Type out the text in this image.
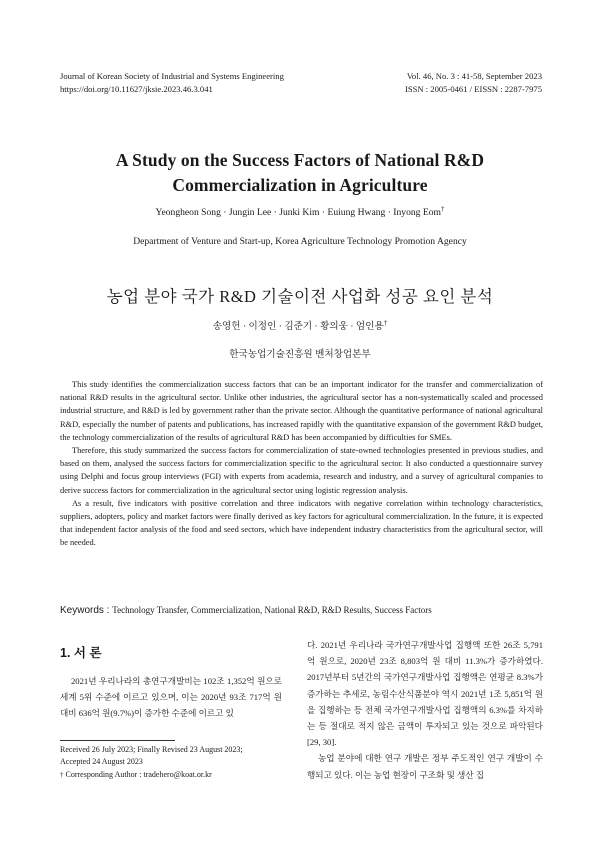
Journal of Korean Society of Industrial and Systems Engineering
https://doi.org/10.11627/jksie.2023.46.3.041
Vol. 46, No. 3 : 41-58, September 2023
ISSN : 2005-0461 / EISSN : 2287-7975
A Study on the Success Factors of National R&D
Commercialization in Agriculture
Yeongheon Song · Jungin Lee · Junki Kim · Euiung Hwang · Inyong Eom†
Department of Venture and Start-up, Korea Agriculture Technology Promotion Agency
농업 분야 국가 R&D 기술이전 사업화 성공 요인 분석
송영헌 · 이정인 · 김준기 · 황의웅 · 엄인용†
한국농업기술진흥원 벤처창업본부

This study identifies the commercialization success factors that can be an important indicator for the transfer and commercialization of national R&D results in the agricultural sector. Unlike other industries, the agricultural sector has a non-systematically scaled and processed industrial structure, and R&D is led by government rather than the private sector. Although the quantitative performance of national agricultural R&D, especially the number of patents and publications, has increased rapidly with the quantitative expansion of the government R&D budget, the technology commercialization of the results of agricultural R&D has been accompanied by difficulties for SMEs.

Therefore, this study summarized the success factors for commercialization of state-owned technologies presented in previous studies, and based on them, analysed the success factors for commercialization specific to the agricultural sector. It also conducted a questionnaire survey using Delphi and focus group interviews (FGI) with experts from academia, research and industry, and a survey of agricultural companies to derive success factors for commercialization in the agricultural sector using logistic regression analysis.

As a result, five indicators with positive correlation and three indicators with negative correlation within technology characteristics, suppliers, adopters, policy and market factors were finally derived as key factors for agricultural commercialization. In the future, it is expected that independent factor analysis of the food and seed sectors, which have independent industry characteristics from the agricultural sector, will be needed.

Keywords : Technology Transfer, Commercialization, National R&D, R&D Results, Success Factors
1. 서 론

2021년 우리나라의 총연구개발비는 102조 1,352억 원으로 세계 5위 수준에 이르고 있으며, 이는 2020년 93조 717억 원 대비 636억 원(9.7%)이 증가한 수준에 이르고 있

다. 2021년 우리나라 국가연구개발사업 집행액 또한 26조 5,791억 원으로, 2020년 23조 8,803억 원 대비 11.3%가 증가하였다. 2017년부터 5년간의 국가연구개발사업 집행액은 연평균 8.3%가 증가하는 추세로, 농림수산식품분야 역시 2021년 1조 5,851억 원을 집행하는 등 전체 국가연구개발사업 집행액의 6.3%를 차지하는 등 절대로 적지 않은 금액이 투자되고 있는 것으로 파악된다[29, 30].

농업 분야에 대한 연구 개발은 정부 주도적인 연구 개발이 수행되고 있다. 이는 농업 현장이 구조화 및 생산 집

Received 26 July 2023; Finally Revised 23 August 2023;
Accepted 24 August 2023
† Corresponding Author : tradehero@koat.or.kr
